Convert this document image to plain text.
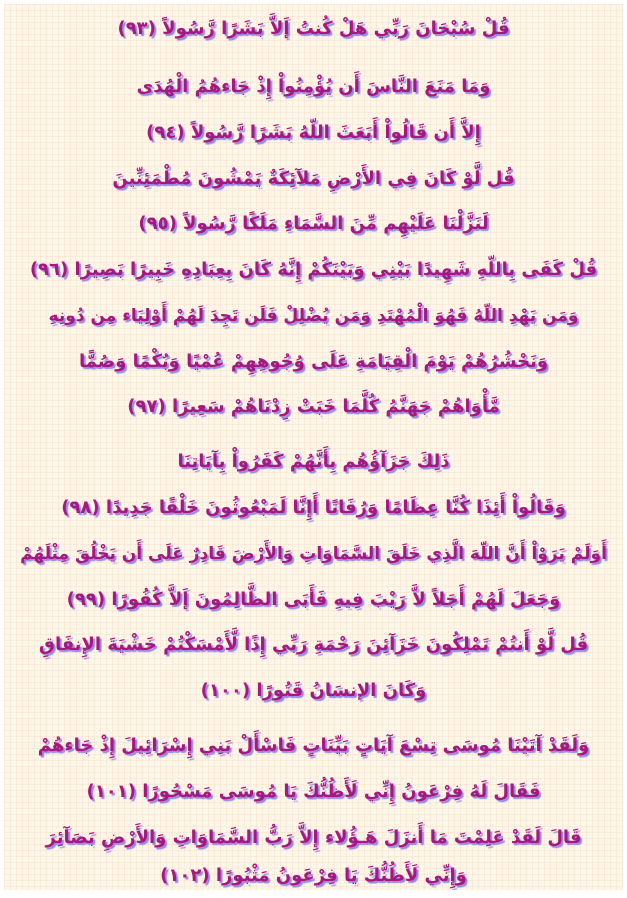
قُلْ سُبْحَانَ رَبِّي هَلْ كُنتُ إَلاَّ بَشَرًا رَّسُولاً (٩٣)
وَمَا مَنَعَ النَّاسَ أَن يُؤْمِنُواْ إِذْ جَاءهُمُ الْهُدَى
إِلاَّ أَن قَالُواْ أَبَعَثَ اللّهُ بَشَرًا رَّسُولاً (٩٤)
قُل لَّوْ كَانَ فِي الأَرْضِ مَلآئِكَةٌ يَمْشُونَ مُطْمَئِنِّينَ
لَنَزَّلْنَا عَلَيْهِم مِّنَ السَّمَاءِ مَلَكًا رَّسُولاً (٩٥)
قُلْ كَفَى بِاللّهِ شَهِيدًا بَيْنِي وَبَيْنَكُمْ إِنَّهُ كَانَ بِعِبَادِهِ خَبِيرًا بَصِيرًا (٩٦)
وَمَن يَهْدِ اللّهُ فَهُوَ الْمُهْتَدِ وَمَن يُضْلِلْ فَلَن تَجِدَ لَهُمْ أَوْلِيَاء مِن دُونِهِ
وَنَحْشُرُهُمْ يَوْمَ الْقِيَامَةِ عَلَى وُجُوهِهِمْ عُمْيًا وَبُكْمًا وَصُمًّا
مَّأْوَاهُمْ جَهَنَّمُ كُلَّمَا خَبَتْ زِدْنَاهُمْ سَعِيرًا (٩٧)
ذَلِكَ جَزَآؤُهُم بِأَنَّهُمْ كَفَرُواْ بِآيَاتِنَا
وَقَالُواْ أَئِذَا كُنَّا عِظَامًا وَرُفَاتًا أَإِنَّا لَمَبْعُوثُونَ خَلْقًا جَدِيدًا (٩٨)
أَوَلَمْ يَرَوْاْ أَنَّ اللّهَ الَّذِي خَلَقَ السَّمَاوَاتِ وَالأَرْضَ قَادِرٌ عَلَى أَن يَخْلُقَ مِثْلَهُمْ
وَجَعَلَ لَهُمْ أَجَلاً لاَّ رَيْبَ فِيهِ فَأَبَى الظَّالِمُونَ إَلاَّ كُفُورًا (٩٩)
قُل لَّوْ أَنتُمْ تَمْلِكُونَ خَزَآئِنَ رَحْمَةِ رَبِّي إِذًا لَّأَمْسَكْتُمْ خَشْيَةَ الإِنفَاقِ
وَكَانَ الإنسَانُ قَتُورًا (١٠٠)
وَلَقَدْ آتَيْنَا مُوسَى تِسْعَ آيَاتٍ بَيِّنَاتٍ فَاسْأَلْ بَنِي إِسْرَائِيلَ إِذْ جَاءهُمْ
فَقَالَ لَهُ فِرْعَونُ إِنِّي لَأَظُنُّكَ يَا مُوسَى مَسْحُورًا (١٠١)
قَالَ لَقَدْ عَلِمْتَ مَا أَنزَلَ هَـؤُلاء إِلاَّ رَبُّ السَّمَاوَاتِ وَالأَرْضِ بَصَآئِرَ
وَإِنِّي لَأَظُنُّكَ يَا فِرْعَونُ مَثْبُورًا (١٠٢)
